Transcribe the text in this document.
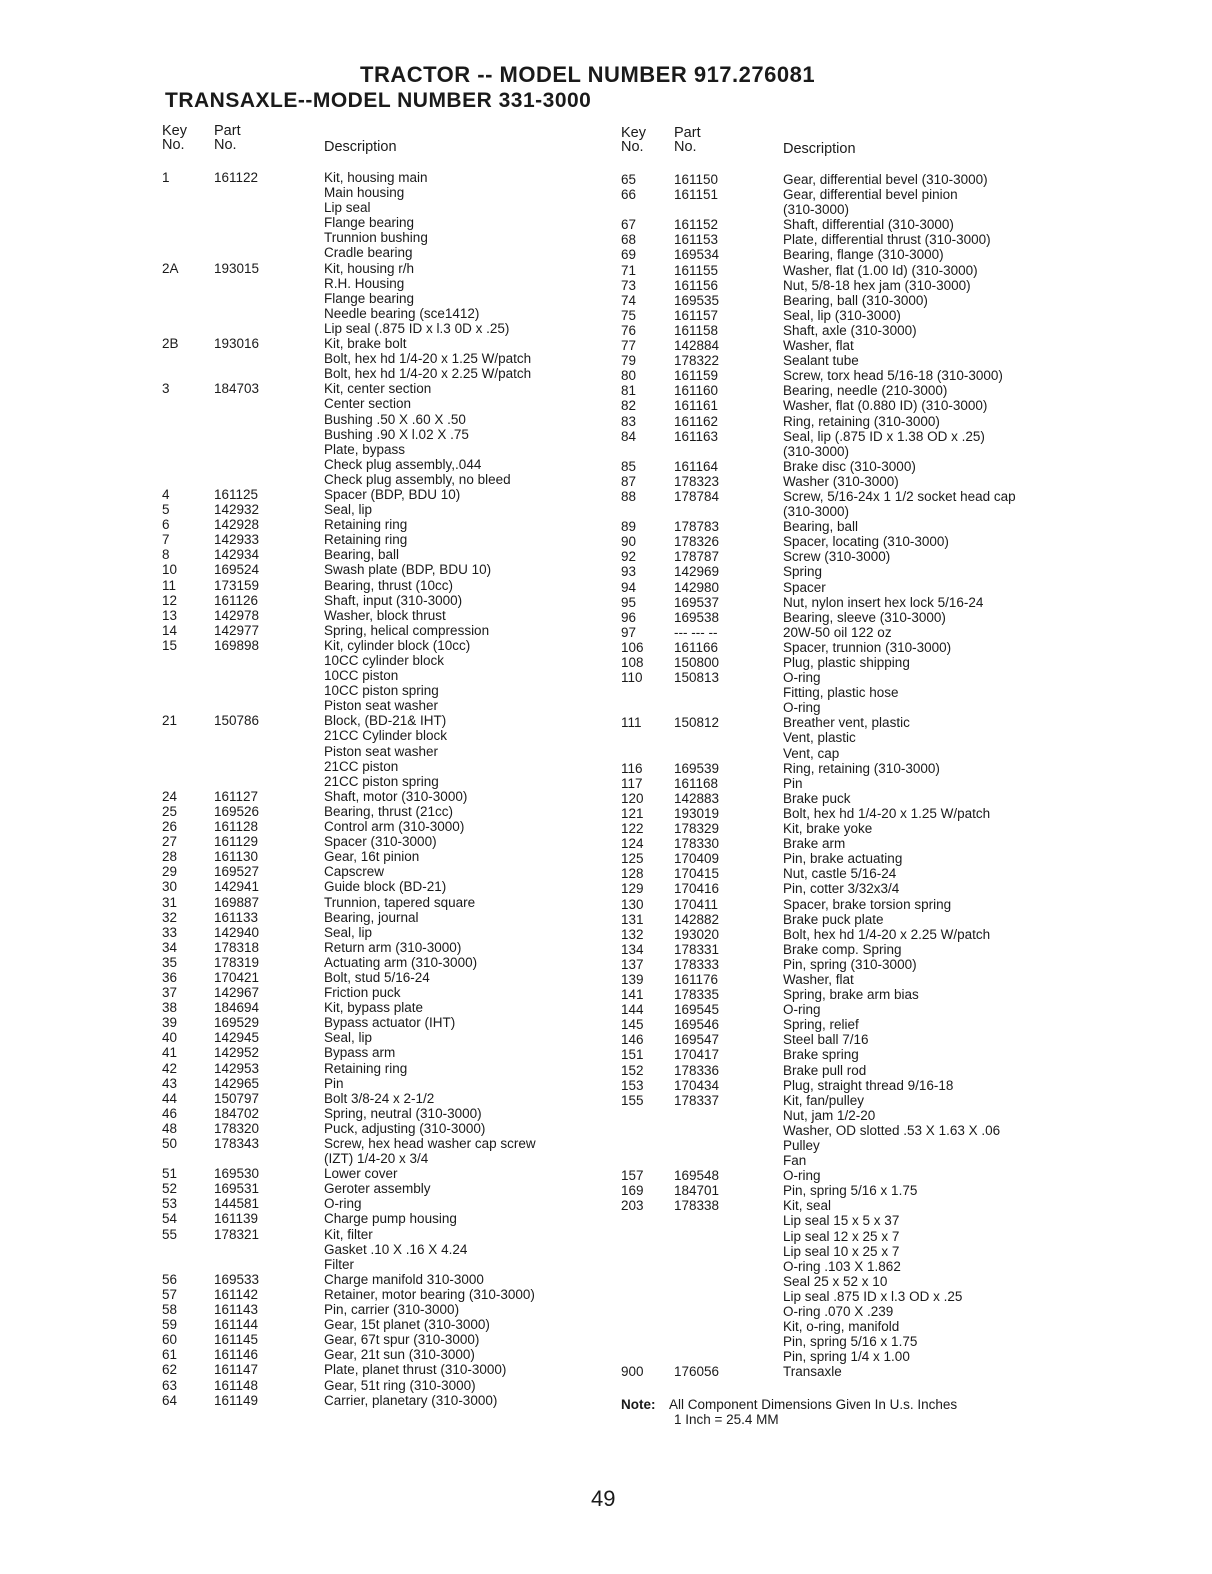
TRACTOR -- MODEL NUMBER 917.276081
TRANSAXLE--MODEL NUMBER 331-3000
Key
No.
Part
No.	Description
1	161122	Kit, housing main
Main housing
Lip seal
Flange bearing
Trunnion bushing
Cradle bearing
2A	193015	Kit, housing r/h
R.H. Housing
Flange bearing
Needle bearing (sce1412)
Lip seal (.875 ID x l.3 0D x .25)
2B	193016	Kit, brake bolt
Bolt, hex hd 1/4-20 x 1.25 W/patch
Bolt, hex hd 1/4-20 x 2.25 W/patch
3	184703	Kit, center section
Center section
Bushing .50 X .60 X .50
Bushing .90 X l.02 X .75
Plate, bypass
Check plug assembly,.044
Check plug assembly, no bleed
4	161125	Spacer (BDP, BDU 10)
5	142932	Seal, lip
6	142928	Retaining ring
7	142933	Retaining ring
8	142934	Bearing, ball
10	169524	Swash plate (BDP, BDU 10)
11	173159	Bearing, thrust (10cc)
12	161126	Shaft, input (310-3000)
13	142978	Washer, block thrust
14	142977	Spring, helical compression
15	169898	Kit, cylinder block (10cc)
10CC cylinder block
10CC piston
10CC piston spring
Piston seat washer
21	150786	Block, (BD-21& IHT)
21CC Cylinder block
Piston seat washer
21CC piston
21CC piston spring
24	161127	Shaft, motor (310-3000)
25	169526	Bearing, thrust (21cc)
26	161128	Control arm (310-3000)
27	161129	Spacer (310-3000)
28	161130	Gear, 16t pinion
29	169527	Capscrew
30	142941	Guide block (BD-21)
31	169887	Trunnion, tapered square
32	161133	Bearing, journal
33	142940	Seal, lip
34	178318	Return arm (310-3000)
35	178319	Actuating arm (310-3000)
36	170421	Bolt, stud 5/16-24
37	142967	Friction puck
38	184694	Kit, bypass plate
39	169529	Bypass actuator (IHT)
40	142945	Seal, lip
41	142952	Bypass arm
42	142953	Retaining ring
43	142965	Pin
44	150797	Bolt 3/8-24 x 2-1/2
46	184702	Spring, neutral (310-3000)
48	178320	Puck, adjusting (310-3000)
50	178343	Screw, hex head washer cap screw
(IZT) 1/4-20 x 3/4
51	169530	Lower cover
52	169531	Geroter assembly
53	144581	O-ring
54	161139	Charge pump housing
55	178321	Kit, filter
Gasket .10 X .16 X 4.24
Filter
56	169533	Charge manifold 310-3000
57	161142	Retainer, motor bearing (310-3000)
58	161143	Pin, carrier (310-3000)
59	161144	Gear, 15t planet (310-3000)
60	161145	Gear, 67t spur (310-3000)
61	161146	Gear, 21t sun (310-3000)
62	161147	Plate, planet thrust (310-3000)
63	161148	Gear, 51t ring (310-3000)
64	161149	Carrier, planetary (310-3000)
Key
No.
Part
No.	Description
65	161150	Gear, differential bevel (310-3000)
66	161151	Gear, differential bevel pinion
(310-3000)
67	161152	Shaft, differential (310-3000)
68	161153	Plate, differential thrust (310-3000)
69	169534	Bearing, flange (310-3000)
71	161155	Washer, flat (1.00 Id) (310-3000)
73	161156	Nut, 5/8-18 hex jam (310-3000)
74	169535	Bearing, ball (310-3000)
75	161157	Seal, lip (310-3000)
76	161158	Shaft, axle (310-3000)
77	142884	Washer, flat
79	178322	Sealant tube
80	161159	Screw, torx head 5/16-18 (310-3000)
81	161160	Bearing, needle (210-3000)
82	161161	Washer, flat (0.880 ID) (310-3000)
83	161162	Ring, retaining (310-3000)
84	161163	Seal, lip (.875 ID x 1.38 OD x .25)
(310-3000)
85	161164	Brake disc (310-3000)
87	178323	Washer (310-3000)
88	178784	Screw, 5/16-24x 1 1/2 socket head cap
(310-3000)
89	178783	Bearing, ball
90	178326	Spacer, locating (310-3000)
92	178787	Screw (310-3000)
93	142969	Spring
94	142980	Spacer
95	169537	Nut, nylon insert hex lock 5/16-24
96	169538	Bearing, sleeve (310-3000)
97	--- --- --	20W-50 oil 122 oz
106 161166	Spacer, trunnion (310-3000)
108 150800	Plug, plastic shipping
110 150813	O-ring
Fitting, plastic hose
O-ring
111 150812	Breather vent, plastic
Vent, plastic
Vent, cap
116 169539	Ring, retaining (310-3000)
117 161168	Pin
120 142883	Brake puck
121 193019	Bolt, hex hd 1/4-20 x 1.25 W/patch
122 178329	Kit, brake yoke
124 178330	Brake arm
125 170409	Pin, brake actuating
128 170415	Nut, castle 5/16-24
129 170416	Pin, cotter 3/32x3/4
130 170411	Spacer, brake torsion spring
131 142882	Brake puck plate
132 193020	Bolt, hex hd 1/4-20 x 2.25 W/patch
134 178331	Brake comp. Spring
137 178333	Pin, spring (310-3000)
139 161176	Washer, flat
141 178335	Spring, brake arm bias
144 169545	O-ring
145 169546	Spring, relief
146 169547	Steel ball 7/16
151 170417	Brake spring
152 178336	Brake pull rod
153 170434	Plug, straight thread 9/16-18
155 178337	Kit, fan/pulley
Nut, jam 1/2-20
Washer, OD slotted .53 X 1.63 X .06
Pulley
Fan
157 169548	O-ring
169 184701	Pin, spring 5/16 x 1.75
203 178338	Kit, seal
Lip seal 15 x 5 x 37
Lip seal 12 x 25 x 7
Lip seal 10 x 25 x 7
O-ring .103 X 1.862
Seal 25 x 52 x 10
Lip seal .875 ID x l.3 OD x .25
O-ring .070 X .239
Kit, o-ring, manifold
Pin, spring 5/16 x 1.75
Pin, spring 1/4 x 1.00
900 176056	Transaxle
Note: All Component Dimensions Given In U.s. Inches
1 Inch = 25.4 MM
49
